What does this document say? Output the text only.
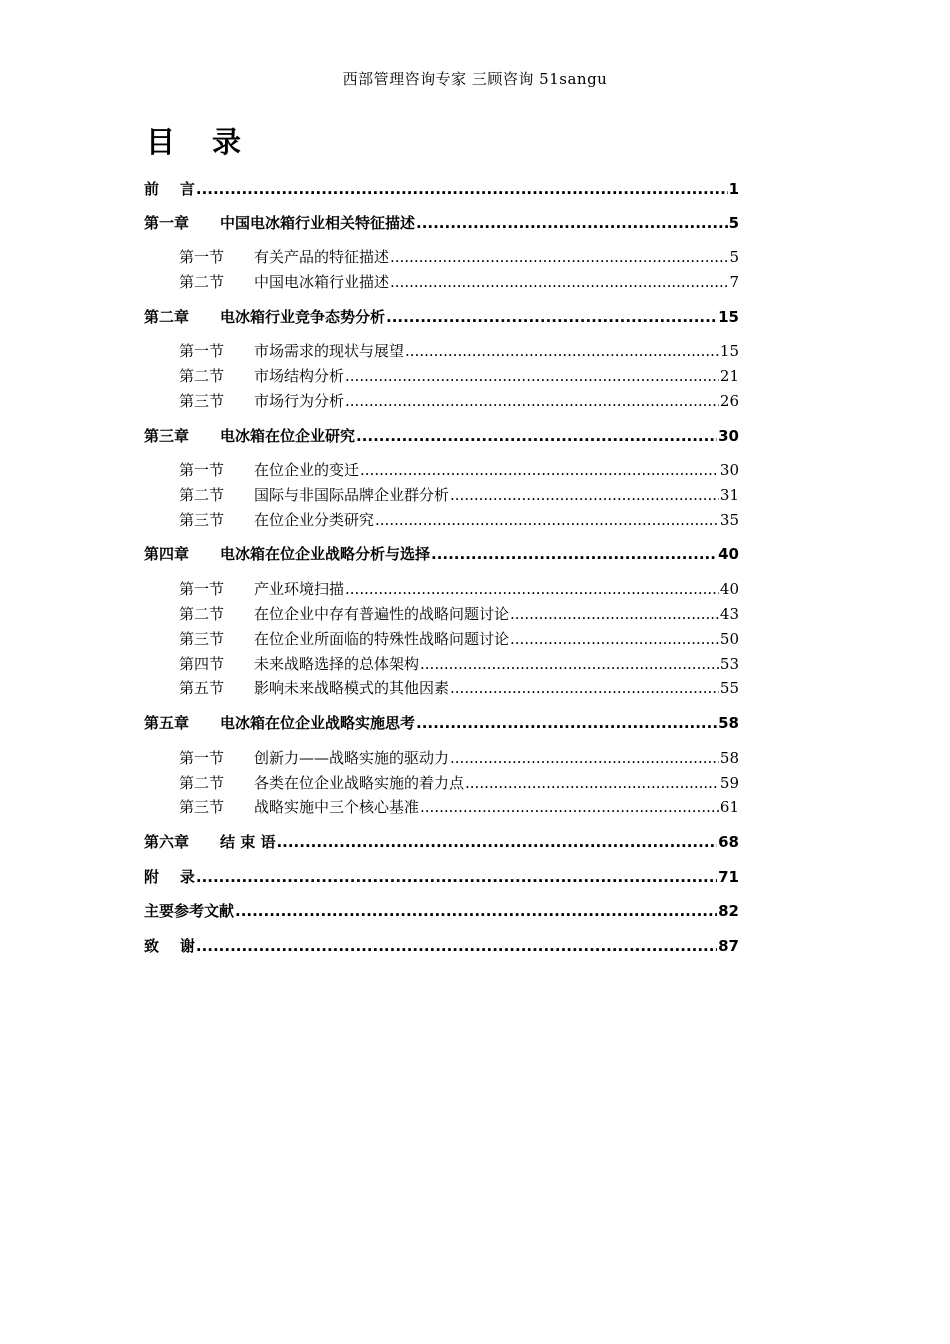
西部管理咨询专家 三顾咨询 51sangu
目 录
前    言 .....	1
第一章	中国电冰箱行业相关特征描述 .....	5
第一节	有关产品的特征描述 .....	5
第二节	中国电冰箱行业描述 .....	7
第二章	电冰箱行业竞争态势分析 .....	15
第一节	市场需求的现状与展望 .....	15
第二节	市场结构分析 .....	21
第三节	市场行为分析 .....	26
第三章	电冰箱在位企业研究 .....	30
第一节	在位企业的变迁 .....	30
第二节	国际与非国际品牌企业群分析 .....	31
第三节	在位企业分类研究 .....	35
第四章	电冰箱在位企业战略分析与选择 .....	40
第一节	产业环境扫描 .....	40
第二节	在位企业中存有普遍性的战略问题讨论 .....	43
第三节	在位企业所面临的特殊性战略问题讨论 .....	50
第四节	未来战略选择的总体架构 .....	53
第五节	影响未来战略模式的其他因素 .....	55
第五章	电冰箱在位企业战略实施思考 .....	58
第一节	创新力——战略实施的驱动力 .....	58
第二节	各类在位企业战略实施的着力点 .....	59
第三节	战略实施中三个核心基准 .....	61
第六章	结 束 语 .....	68
附    录 .....	71
主要参考文献 .....	82
致    谢 .....	87
